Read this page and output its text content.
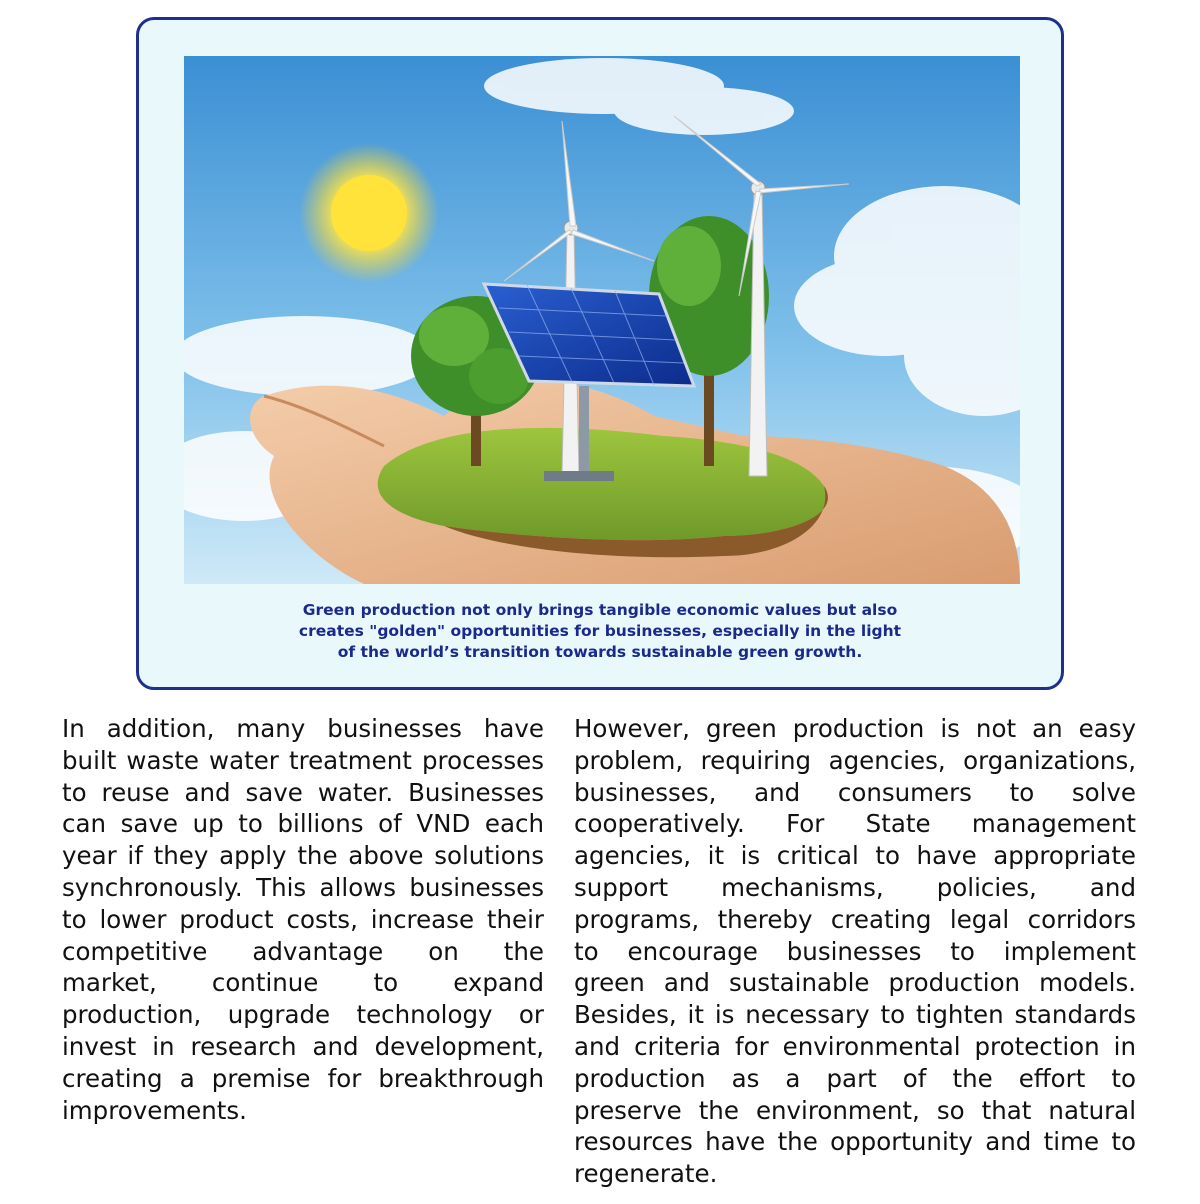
Green production not only brings tangible economic values but also
creates "golden" opportunities for businesses, especially in the light
of the world’s transition towards sustainable green growth.
In addition, many businesses have
built waste water treatment processes
to reuse and save water. Businesses
can save up to billions of VND each
year if they apply the above solutions
synchronously. This allows businesses
to lower product costs, increase their
competitive advantage on the
market, continue to expand
production, upgrade technology or
invest in research and development,
creating a premise for breakthrough
improvements.
However, green production is not an easy
problem, requiring agencies, organizations,
businesses, and consumers to solve
cooperatively. For State management
agencies, it is critical to have appropriate
support mechanisms, policies, and
programs, thereby creating legal corridors
to encourage businesses to implement
green and sustainable production models.
Besides, it is necessary to tighten standards
and criteria for environmental protection in
production as a part of the effort to
preserve the environment, so that natural
resources have the opportunity and time to
regenerate.
